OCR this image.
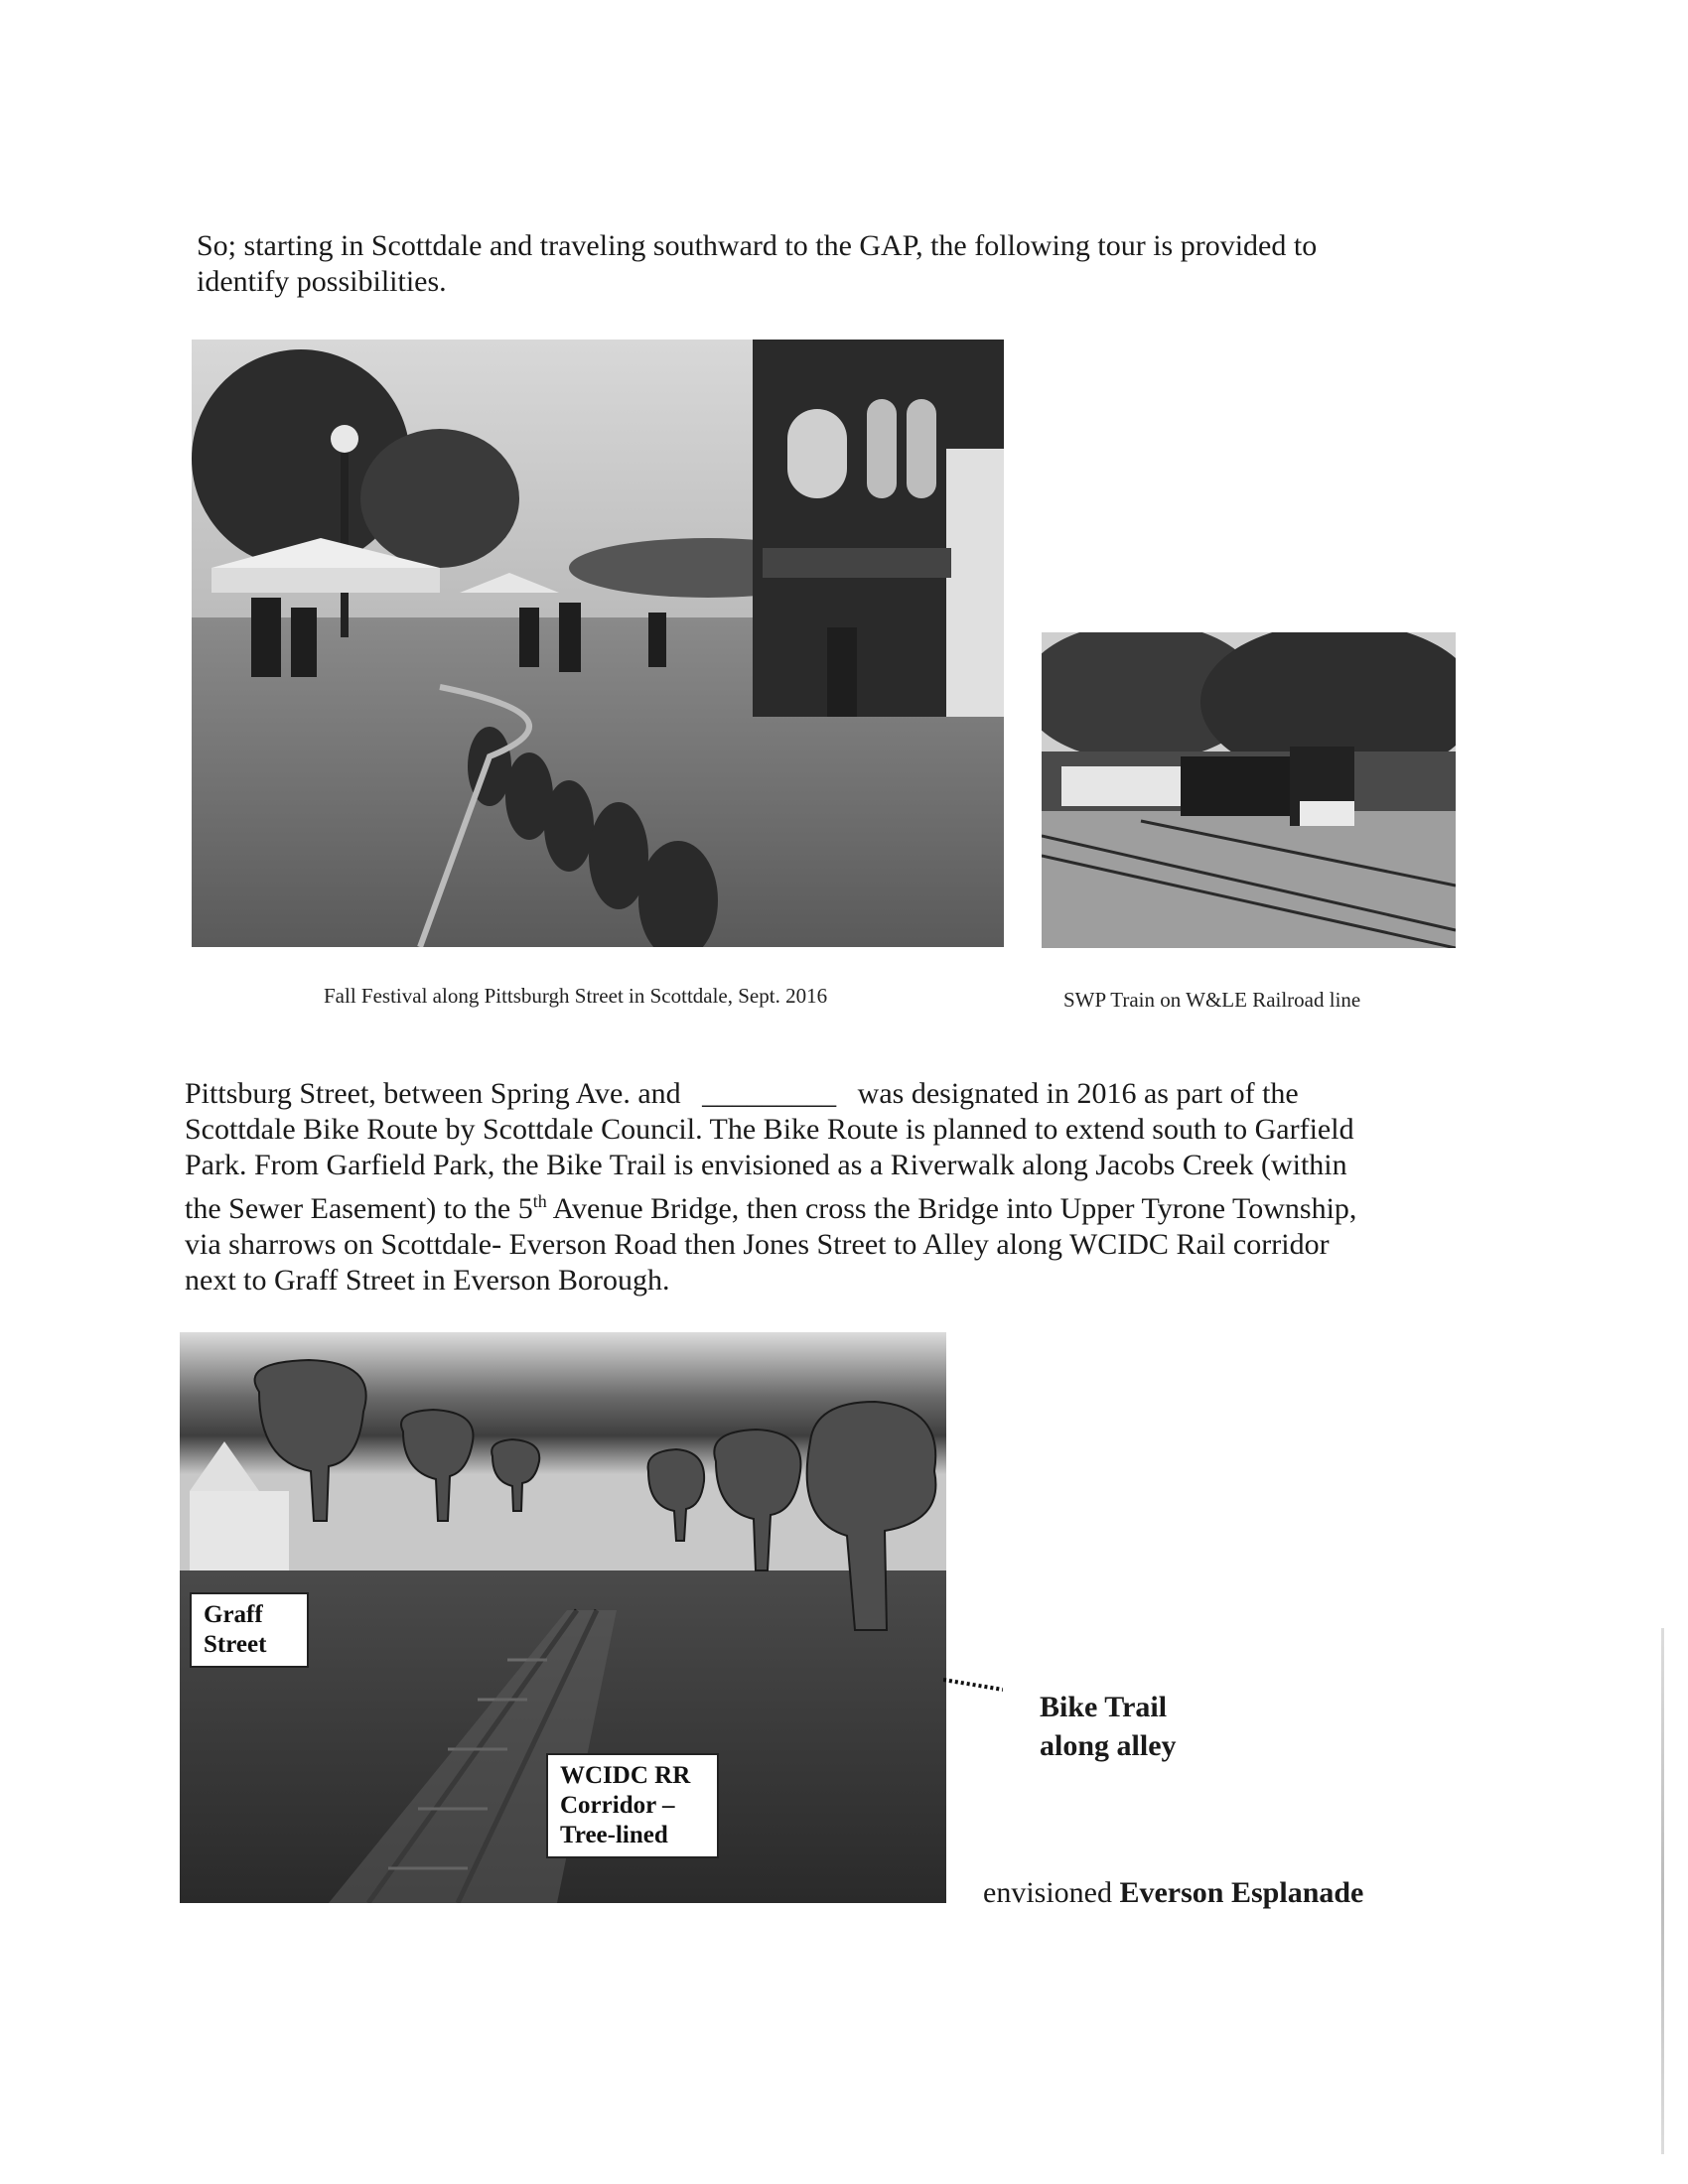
So; starting in Scottdale and traveling southward to the GAP, the following tour is provided to
identify possibilities.
Fall Festival along Pittsburgh Street in Scottdale, Sept. 2016	SWP Train on W&LE Railroad line
Pittsburg Street, between Spring Ave. and _________ was designated in 2016 as part of the
Scottdale Bike Route by Scottdale Council. The Bike Route is planned to extend south to Garfield
Park. From Garfield Park, the Bike Trail is envisioned as a Riverwalk along Jacobs Creek (within
the Sewer Easement) to the 5th Avenue Bridge, then cross the Bridge into Upper Tyrone Township,
via sharrows on Scottdale- Everson Road then Jones Street to Alley along WCIDC Rail corridor
next to Graff Street in Everson Borough.
Graff
Street
WCIDC RR
Corridor –
Tree-lined
Bike Trail
along alley
envisioned Everson Esplanade
